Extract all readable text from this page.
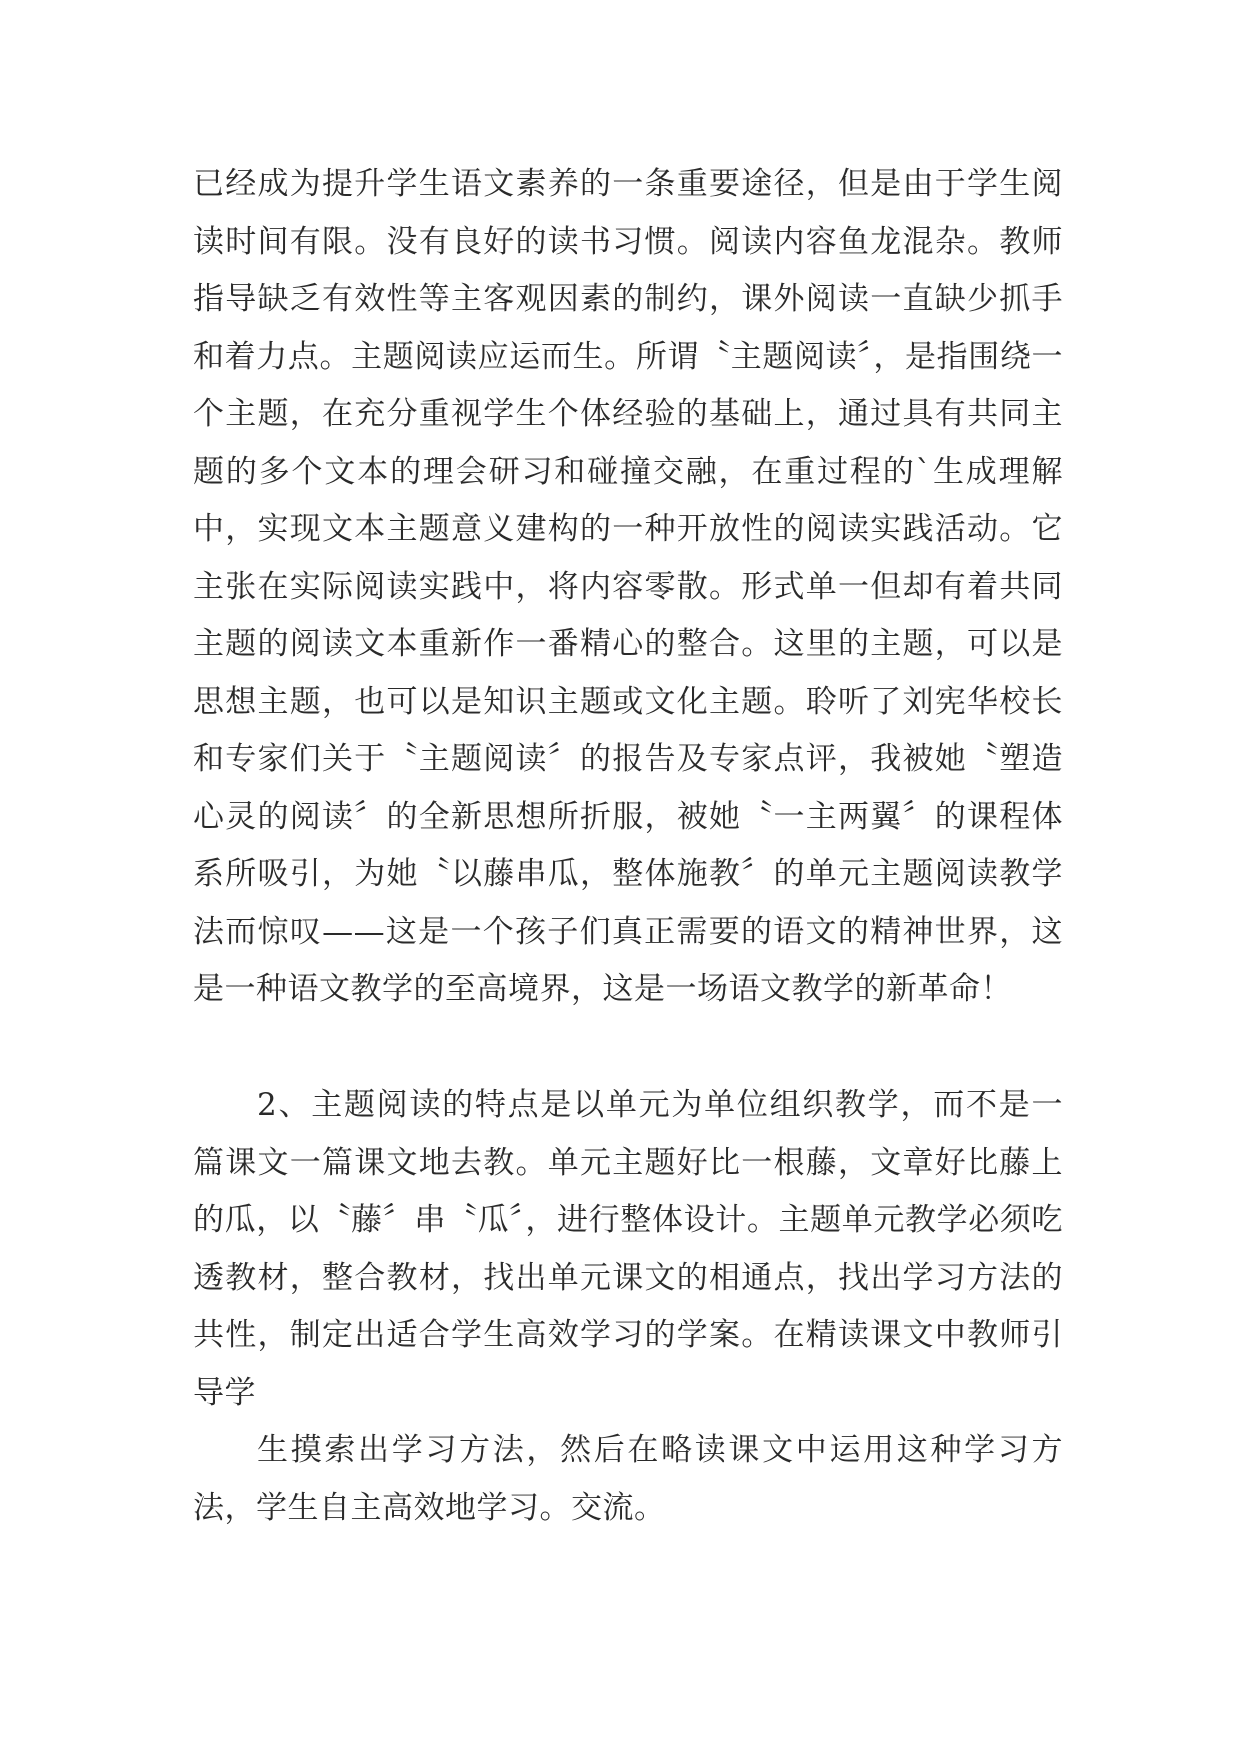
已经成为提升学生语文素养的一条重要途径，但是由于学生阅读时间有限。没有良好的读书习惯。阅读内容鱼龙混杂。教师指导缺乏有效性等主客观因素的制约，课外阅读一直缺少抓手和着力点。主题阅读应运而生。所谓〝主题阅读〞，是指围绕一个主题，在充分重视学生个体经验的基础上，通过具有共同主题的多个文本的理会研习和碰撞交融，在重过程的`生成理解中，实现文本主题意义建构的一种开放性的阅读实践活动。它主张在实际阅读实践中，将内容零散。形式单一但却有着共同主题的阅读文本重新作一番精心的整合。这里的主题，可以是思想主题，也可以是知识主题或文化主题。聆听了刘宪华校长和专家们关于〝主题阅读〞的报告及专家点评，我被她〝塑造心灵的阅读〞的全新思想所折服，被她〝一主两翼〞的课程体系所吸引，为她〝以藤串瓜，整体施教〞的单元主题阅读教学法而惊叹——这是一个孩子们真正需要的语文的精神世界，这是一种语文教学的至高境界，这是一场语文教学的新革命！

2、主题阅读的特点是以单元为单位组织教学，而不是一篇课文一篇课文地去教。单元主题好比一根藤，文章好比藤上的瓜，以〝藤〞串〝瓜〞，进行整体设计。主题单元教学必须吃透教材，整合教材，找出单元课文的相通点，找出学习方法的共性，制定出适合学生高效学习的学案。在精读课文中教师引导学

生摸索出学习方法，然后在略读课文中运用这种学习方法，学生自主高效地学习。交流。
